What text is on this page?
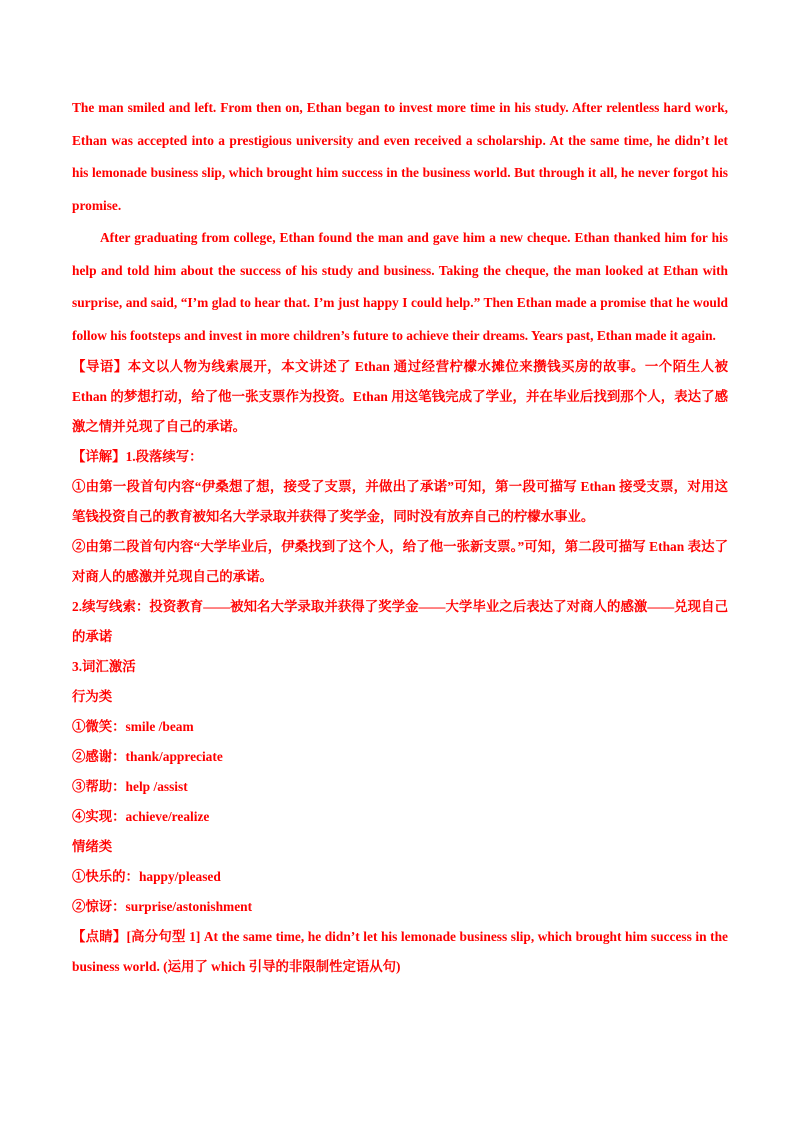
The man smiled and left. From then on, Ethan began to invest more time in his study. After relentless hard work, Ethan was accepted into a prestigious university and even received a scholarship. At the same time, he didn’t let his lemonade business slip, which brought him success in the business world. But through it all, he never forgot his promise.

After graduating from college, Ethan found the man and gave him a new cheque. Ethan thanked him for his help and told him about the success of his study and business. Taking the cheque, the man looked at Ethan with surprise, and said, “I’m glad to hear that. I’m just happy I could help.” Then Ethan made a promise that he would follow his footsteps and invest in more children’s future to achieve their dreams. Years past, Ethan made it again.

【导语】本文以人物为线索展开，本文讲述了 Ethan 通过经营柠檬水摊位来攒钱买房的故事。一个陌生人被 Ethan 的梦想打动，给了他一张支票作为投资。Ethan 用这笔钱完成了学业，并在毕业后找到那个人，表达了感激之情并兑现了自己的承诺。

【详解】1.段落续写：

①由第一段首句内容“伊桑想了想，接受了支票，并做出了承诺”可知，第一段可描写 Ethan 接受支票，对用这笔钱投资自己的教育被知名大学录取并获得了奖学金，同时没有放弃自己的柠檬水事业。

②由第二段首句内容“大学毕业后，伊桑找到了这个人，给了他一张新支票。”可知，第二段可描写 Ethan 表达了对商人的感激并兑现自己的承诺。

2.续写线索：投资教育——被知名大学录取并获得了奖学金——大学毕业之后表达了对商人的感激——兑现自己的承诺

3.词汇激活
行为类
①微笑：smile /beam
②感谢：thank/appreciate
③帮助：help /assist
④实现：achieve/realize
情绪类
①快乐的：happy/pleased
②惊讶：surprise/astonishment

【点睛】[高分句型 1] At the same time, he didn’t let his lemonade business slip, which brought him success in the business world. (运用了 which 引导的非限制性定语从句)
